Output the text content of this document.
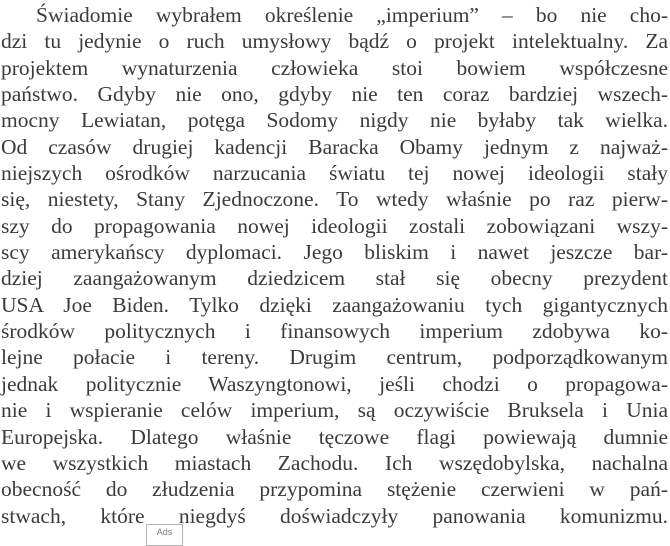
Świadomie wybrałem określenie „imperium” – bo nie cho-
dzi tu jedynie o ruch umysłowy bądź o projekt intelektualny. Za
projektem wynaturzenia człowieka stoi bowiem współczesne
państwo. Gdyby nie ono, gdyby nie ten coraz bardziej wszech-
mocny Lewiatan, potęga Sodomy nigdy nie byłaby tak wielka.
Od czasów drugiej kadencji Baracka Obamy jednym z najważ-
niejszych ośrodków narzucania światu tej nowej ideologii stały
się, niestety, Stany Zjednoczone. To wtedy właśnie po raz pierw-
szy do propagowania nowej ideologii zostali zobowiązani wszy-
scy amerykańscy dyplomaci. Jego bliskim i nawet jeszcze bar-
dziej zaangażowanym dziedzicem stał się obecny prezydent
USA Joe Biden. Tylko dzięki zaangażowaniu tych gigantycznych
środków politycznych i finansowych imperium zdobywa ko-
lejne połacie i tereny. Drugim centrum, podporządkowanym
jednak politycznie Waszyngtonowi, jeśli chodzi o propagowa-
nie i wspieranie celów imperium, są oczywiście Bruksela i Unia
Europejska. Dlatego właśnie tęczowe flagi powiewają dumnie
we wszystkich miastach Zachodu. Ich wszędobylska, nachalna
obecność do złudzenia przypomina stężenie czerwieni w pań-
stwach, które niegdyś doświadczyły panowania komunizmu.
Ads
